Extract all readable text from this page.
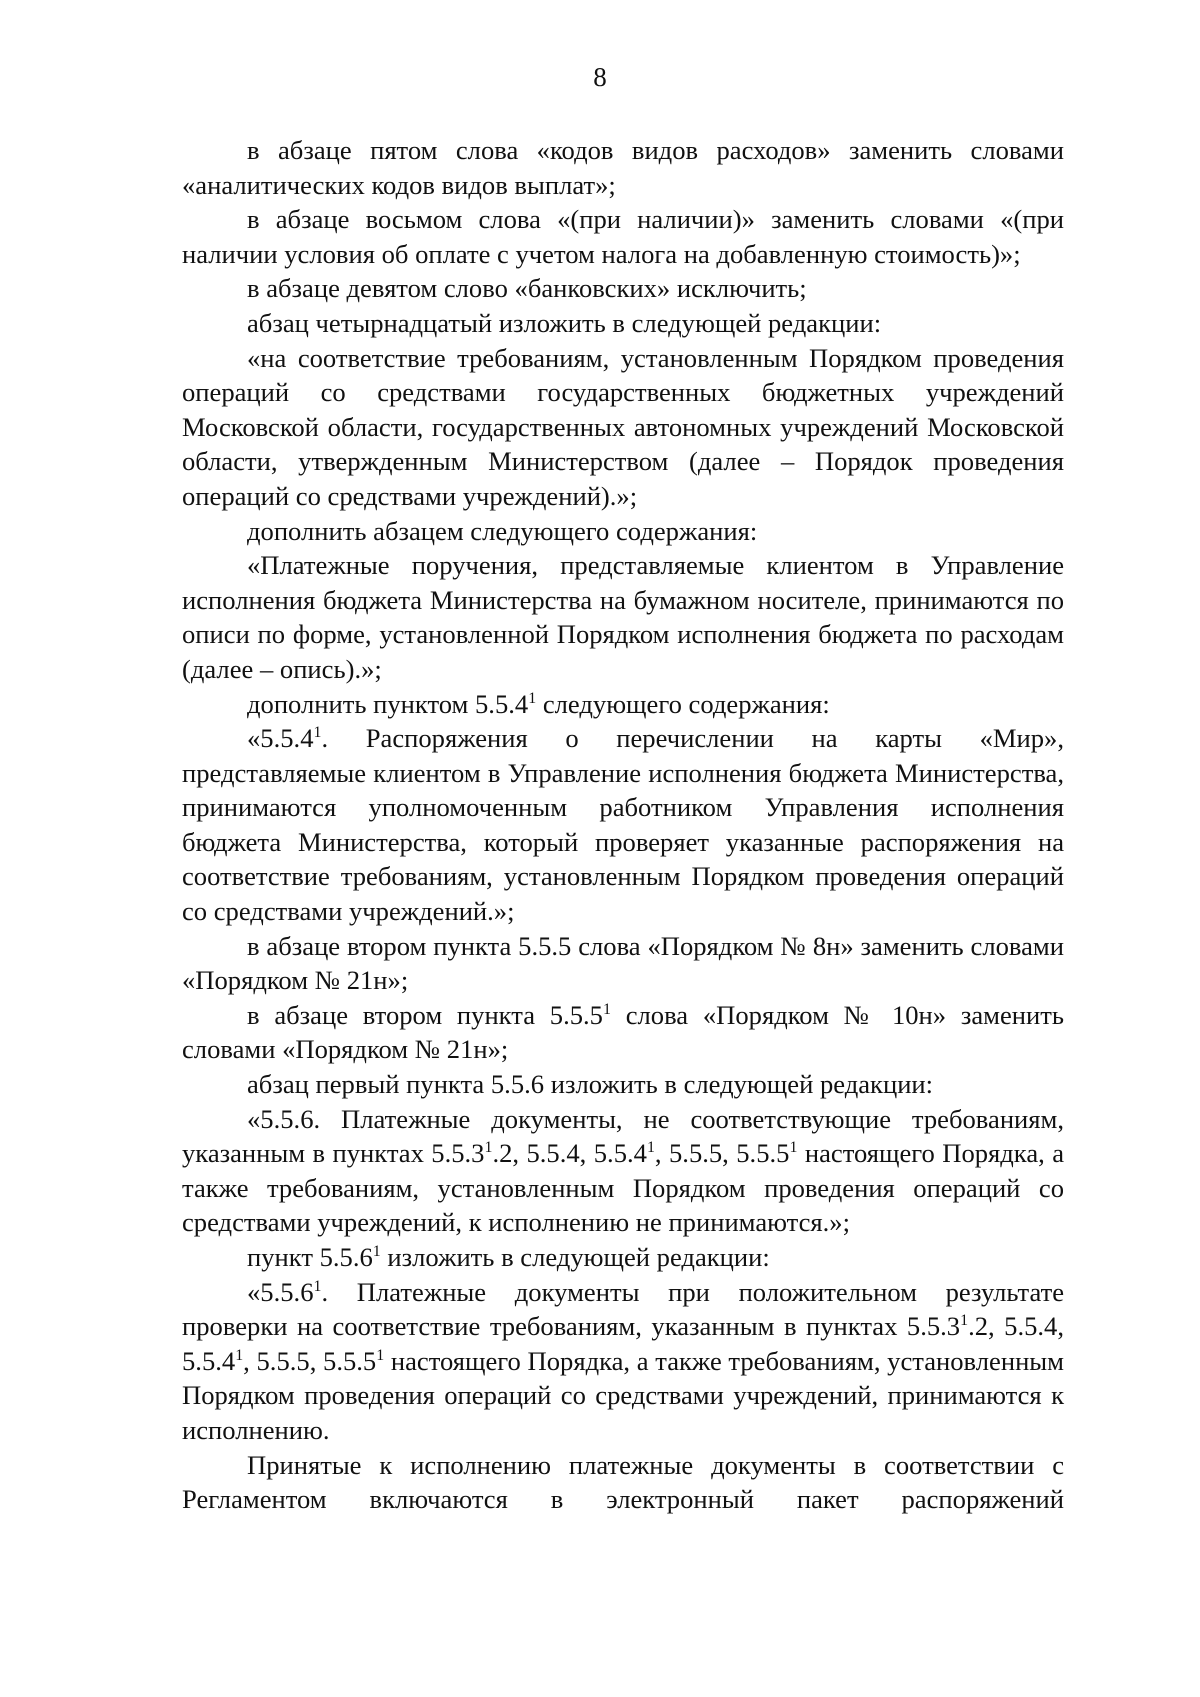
8

в абзаце пятом слова «кодов видов расходов» заменить словами «аналитических кодов видов выплат»;

в абзаце восьмом слова «(при наличии)» заменить словами «(при наличии условия об оплате с учетом налога на добавленную стоимость)»;

в абзаце девятом слово «банковских» исключить;

абзац четырнадцатый изложить в следующей редакции:

«на соответствие требованиям, установленным Порядком проведения операций со средствами государственных бюджетных учреждений Московской области, государственных автономных учреждений Московской области, утвержденным Министерством (далее – Порядок проведения операций со средствами учреждений).»;

дополнить абзацем следующего содержания:

«Платежные поручения, представляемые клиентом в Управление исполнения бюджета Министерства на бумажном носителе, принимаются по описи по форме, установленной Порядком исполнения бюджета по расходам (далее – опись).»;

дополнить пунктом 5.5.4$^1$ следующего содержания:

«5.5.4$^1$. Распоряжения о перечислении на карты «Мир», представляемые клиентом в Управление исполнения бюджета Министерства, принимаются уполномоченным работником Управления исполнения бюджета Министерства, который проверяет указанные распоряжения на соответствие требованиям, установленным Порядком проведения операций со средствами учреждений.»;

в абзаце втором пункта 5.5.5 слова «Порядком № 8н» заменить словами «Порядком № 21н»;

в абзаце втором пункта 5.5.5$^1$ слова «Порядком № 10н» заменить словами «Порядком № 21н»;

абзац первый пункта 5.5.6 изложить в следующей редакции:

«5.5.6. Платежные документы, не соответствующие требованиям, указанным в пунктах 5.5.3$^1$.2, 5.5.4, 5.5.4$^1$, 5.5.5, 5.5.5$^1$ настоящего Порядка, а также требованиям, установленным Порядком проведения операций со средствами учреждений, к исполнению не принимаются.»;

пункт 5.5.6$^1$ изложить в следующей редакции:

«5.5.6$^1$. Платежные документы при положительном результате проверки на соответствие требованиям, указанным в пунктах 5.5.3$^1$.2, 5.5.4, 5.5.4$^1$, 5.5.5, 5.5.5$^1$ настоящего Порядка, а также требованиям, установленным Порядком проведения операций со средствами учреждений, принимаются к исполнению.

Принятые к исполнению платежные документы в соответствии с Регламентом включаются в электронный пакет распоряжений
